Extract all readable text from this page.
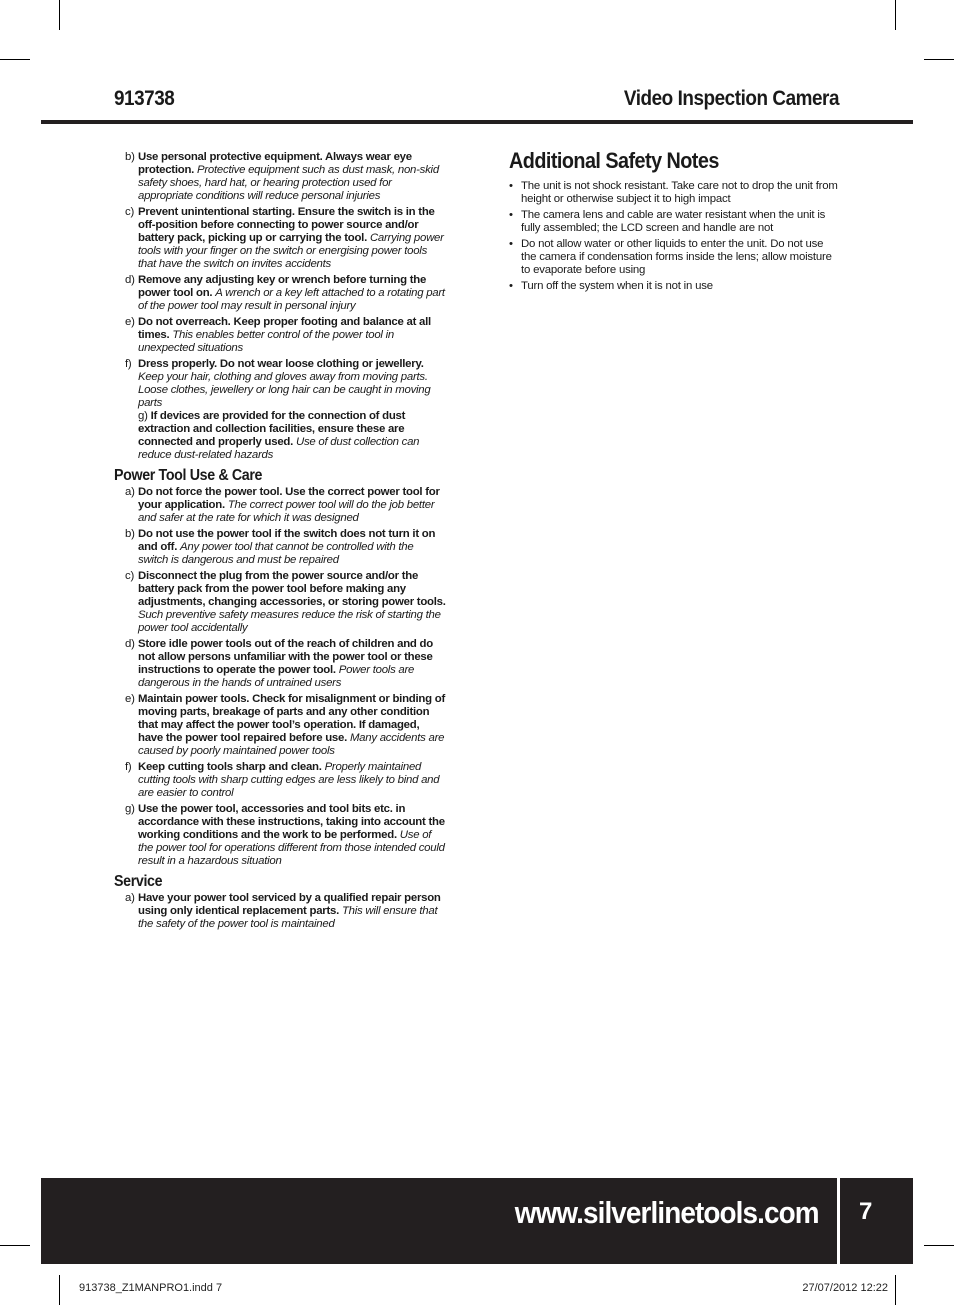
913738	Video Inspection Camera
b) Use personal protective equipment. Always wear eye protection. Protective equipment such as dust mask, non-skid safety shoes, hard hat, or hearing protection used for appropriate conditions will reduce personal injuries
c) Prevent unintentional starting. Ensure the switch is in the off-position before connecting to power source and/or battery pack, picking up or carrying the tool. Carrying power tools with your finger on the switch or energising power tools that have the switch on invites accidents
d) Remove any adjusting key or wrench before turning the power tool on. A wrench or a key left attached to a rotating part of the power tool may result in personal injury
e) Do not overreach. Keep proper footing and balance at all times. This enables better control of the power tool in unexpected situations
f) Dress properly. Do not wear loose clothing or jewellery. Keep your hair, clothing and gloves away from moving parts. Loose clothes, jewellery or long hair can be caught in moving parts
g) If devices are provided for the connection of dust extraction and collection facilities, ensure these are connected and properly used. Use of dust collection can reduce dust-related hazards
Power Tool Use & Care
a) Do not force the power tool. Use the correct power tool for your application. The correct power tool will do the job better and safer at the rate for which it was designed
b) Do not use the power tool if the switch does not turn it on and off. Any power tool that cannot be controlled with the switch is dangerous and must be repaired
c) Disconnect the plug from the power source and/or the battery pack from the power tool before making any adjustments, changing accessories, or storing power tools. Such preventive safety measures reduce the risk of starting the power tool accidentally
d) Store idle power tools out of the reach of children and do not allow persons unfamiliar with the power tool or these instructions to operate the power tool. Power tools are dangerous in the hands of untrained users
e) Maintain power tools. Check for misalignment or binding of moving parts, breakage of parts and any other condition that may affect the power tool’s operation. If damaged, have the power tool repaired before use. Many accidents are caused by poorly maintained power tools
f) Keep cutting tools sharp and clean. Properly maintained cutting tools with sharp cutting edges are less likely to bind and are easier to control
g) Use the power tool, accessories and tool bits etc. in accordance with these instructions, taking into account the working conditions and the work to be performed. Use of the power tool for operations different from those intended could result in a hazardous situation
Service
a) Have your power tool serviced by a qualified repair person using only identical replacement parts. This will ensure that the safety of the power tool is maintained
Additional Safety Notes
• The unit is not shock resistant. Take care not to drop the unit from height or otherwise subject it to high impact
• The camera lens and cable are water resistant when the unit is fully assembled; the LCD screen and handle are not
• Do not allow water or other liquids to enter the unit. Do not use the camera if condensation forms inside the lens; allow moisture to evaporate before using
• Turn off the system when it is not in use
www.silverlinetools.com 7
913738_Z1MANPRO1.indd 7	27/07/2012 12:22
